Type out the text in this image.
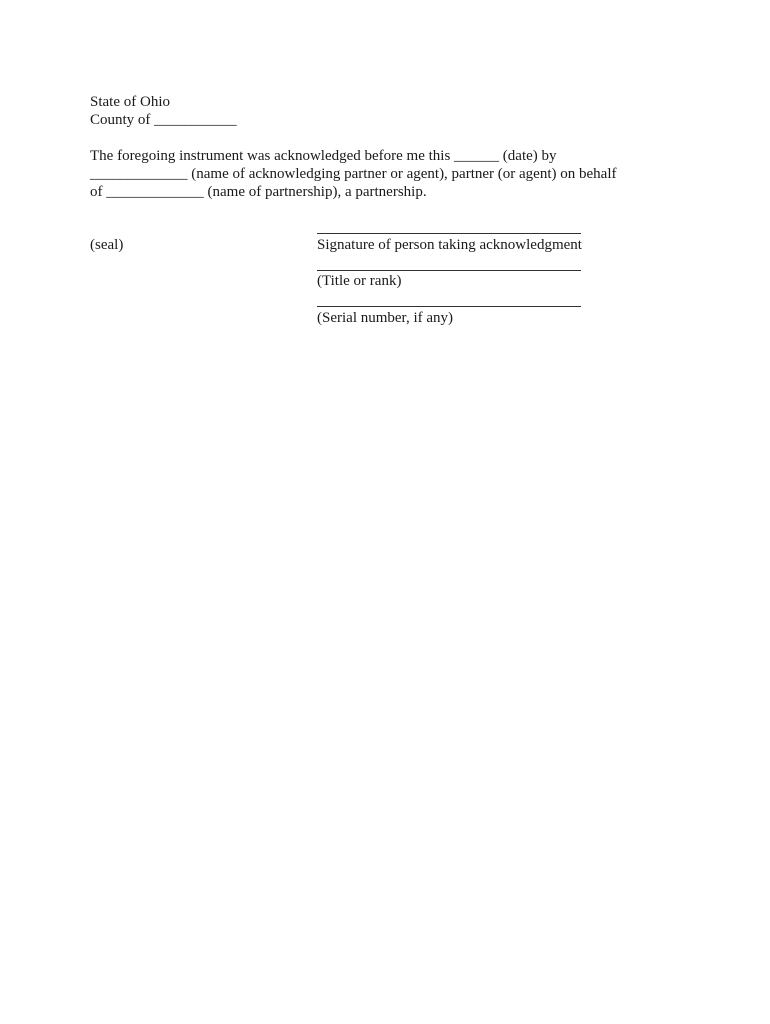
State of Ohio
County of ___________
The foregoing instrument was acknowledged before me this ______ (date) by
_____________ (name of acknowledging partner or agent), partner (or agent) on behalf
of _____________ (name of partnership), a partnership.
(seal)	Signature of person taking acknowledgment
(Title or rank)
(Serial number, if any)
